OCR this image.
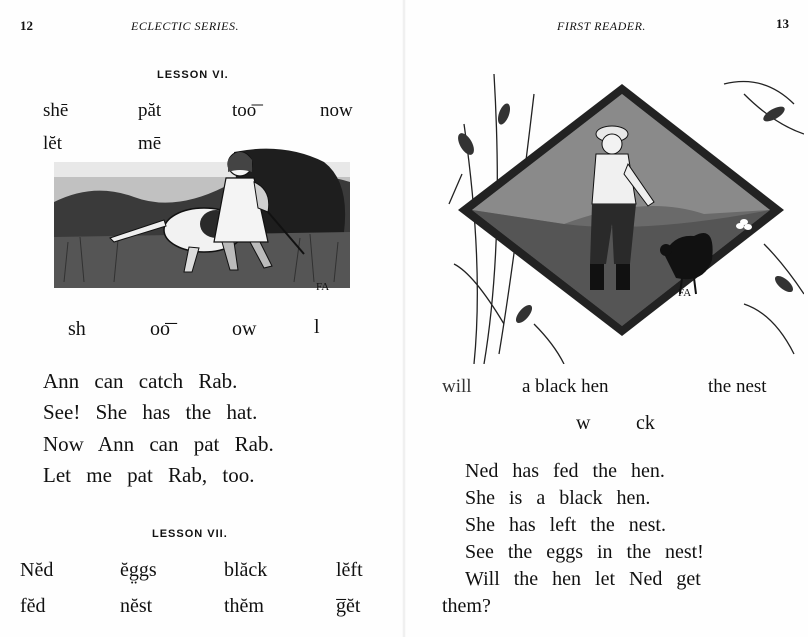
12	ECLECTIC SERIES.
LESSON VI.
shē	păt	too͞	now
lĕt	mē
FA
sh	oo͞	ow	l
Ann can catch Rab.
See! She has the hat.
Now Ann can pat Rab.
Let me pat Rab, too.
LESSON VII.
Nĕd	ĕg̤gs	blăck	lĕft
fĕd	nĕst	thĕm	g̅ĕt
FIRST READER.	13
FA
will	a black hen	the nest
w ck
Ned has fed the hen.
She is a black hen.
She has left the nest.
See the eggs in the nest!
Will the hen let Ned get
them?
